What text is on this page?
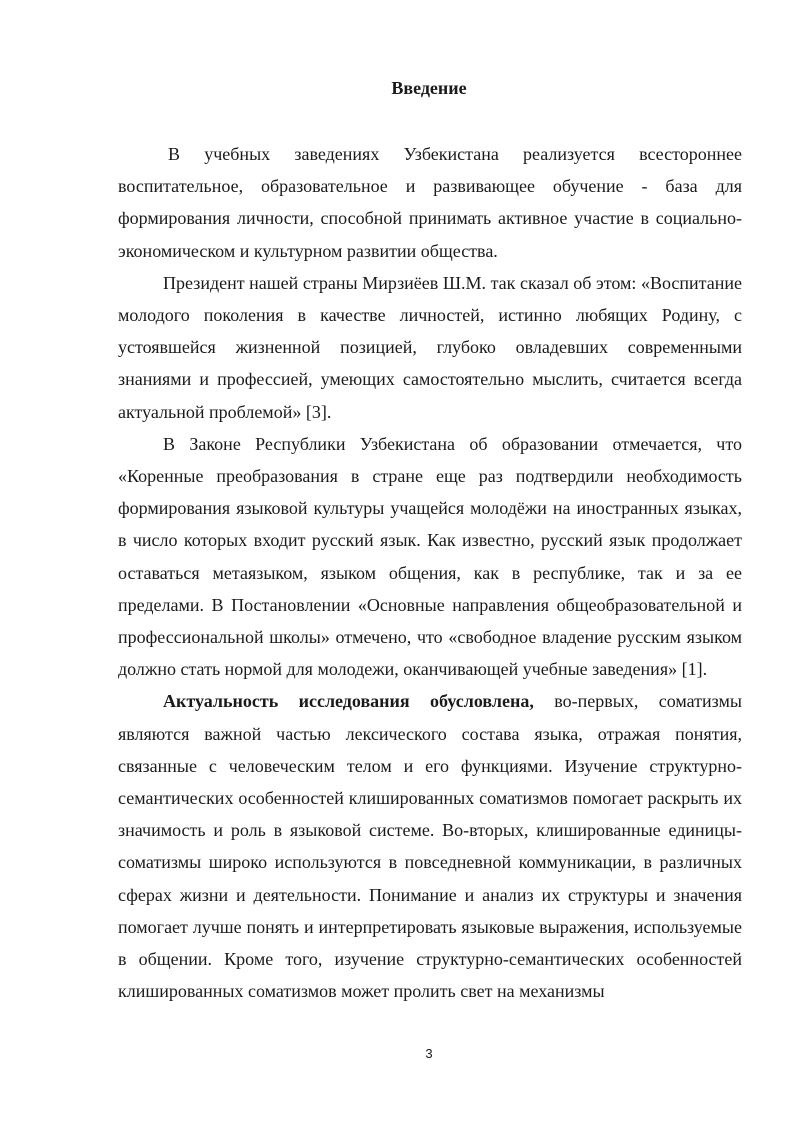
Введение

В учебных заведениях Узбекистана реализуется всестороннее воспитательное, образовательное и развивающее обучение - база для формирования личности, способной принимать активное участие в социально-экономическом и культурном развитии общества.

Президент нашей страны Мирзиёев Ш.М. так сказал об этом: «Воспитание молодого поколения в качестве личностей, истинно любящих Родину, с устоявшейся жизненной позицией, глубоко овладевших современными знаниями и профессией, умеющих самостоятельно мыслить, считается всегда актуальной проблемой» [3].

В Законе Республики Узбекистана об образовании отмечается, что «Коренные преобразования в стране еще раз подтвердили необходимость формирования языковой культуры учащейся молодёжи на иностранных языках, в число которых входит русский язык. Как известно, русский язык продолжает оставаться метаязыком, языком общения, как в республике, так и за ее пределами. В Постановлении «Основные направления общеобразовательной и профессиональной школы» отмечено, что «свободное владение русским языком должно стать нормой для молодежи, оканчивающей учебные заведения» [1].

Актуальность исследования обусловлена, во-первых, соматизмы являются важной частью лексического состава языка, отражая понятия, связанные с человеческим телом и его функциями. Изучение структурно-семантических особенностей клишированных соматизмов помогает раскрыть их значимость и роль в языковой системе. Во-вторых, клишированные единицы-соматизмы широко используются в повседневной коммуникации, в различных сферах жизни и деятельности. Понимание и анализ их структуры и значения помогает лучше понять и интерпретировать языковые выражения, используемые в общении. Кроме того, изучение структурно-семантических особенностей клишированных соматизмов может пролить свет на механизмы

3
